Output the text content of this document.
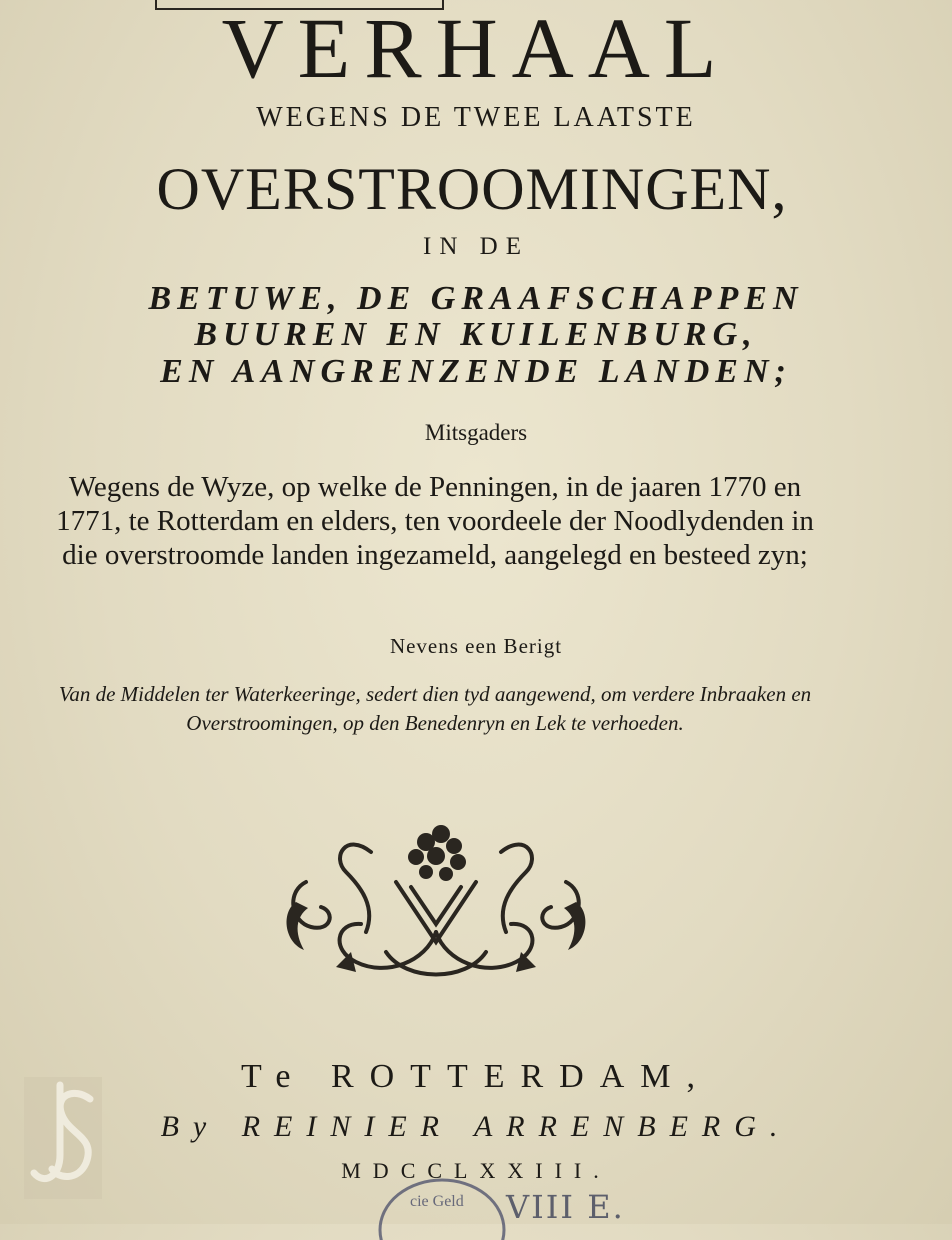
VERHAAL
WEGENS DE TWEE LAATSTE
OVERSTROOMINGEN,
IN DE
BETUWE, DE GRAAFSCHAPPEN
BUUREN EN KUILENBURG,
EN AANGRENZENDE LANDEN;
Mitsgaders
Wegens de Wyze, op welke de Penningen, in de jaaren 1770 en 1771, te Rotterdam en elders, ten voordeele der Noodlydenden in die overstroomde landen ingezameld, aangelegd en besteed zyn;
Nevens een Berigt
Van de Middelen ter Waterkeeringe, sedert dien tyd aangewend, om verdere Inbraaken en Overstroomingen, op den Benedenryn en Lek te verhoeden.
Te ROTTERDAM,
By REINIER ARRENBERG.
MDCCLXXIII.
cie Geld VIII E.
